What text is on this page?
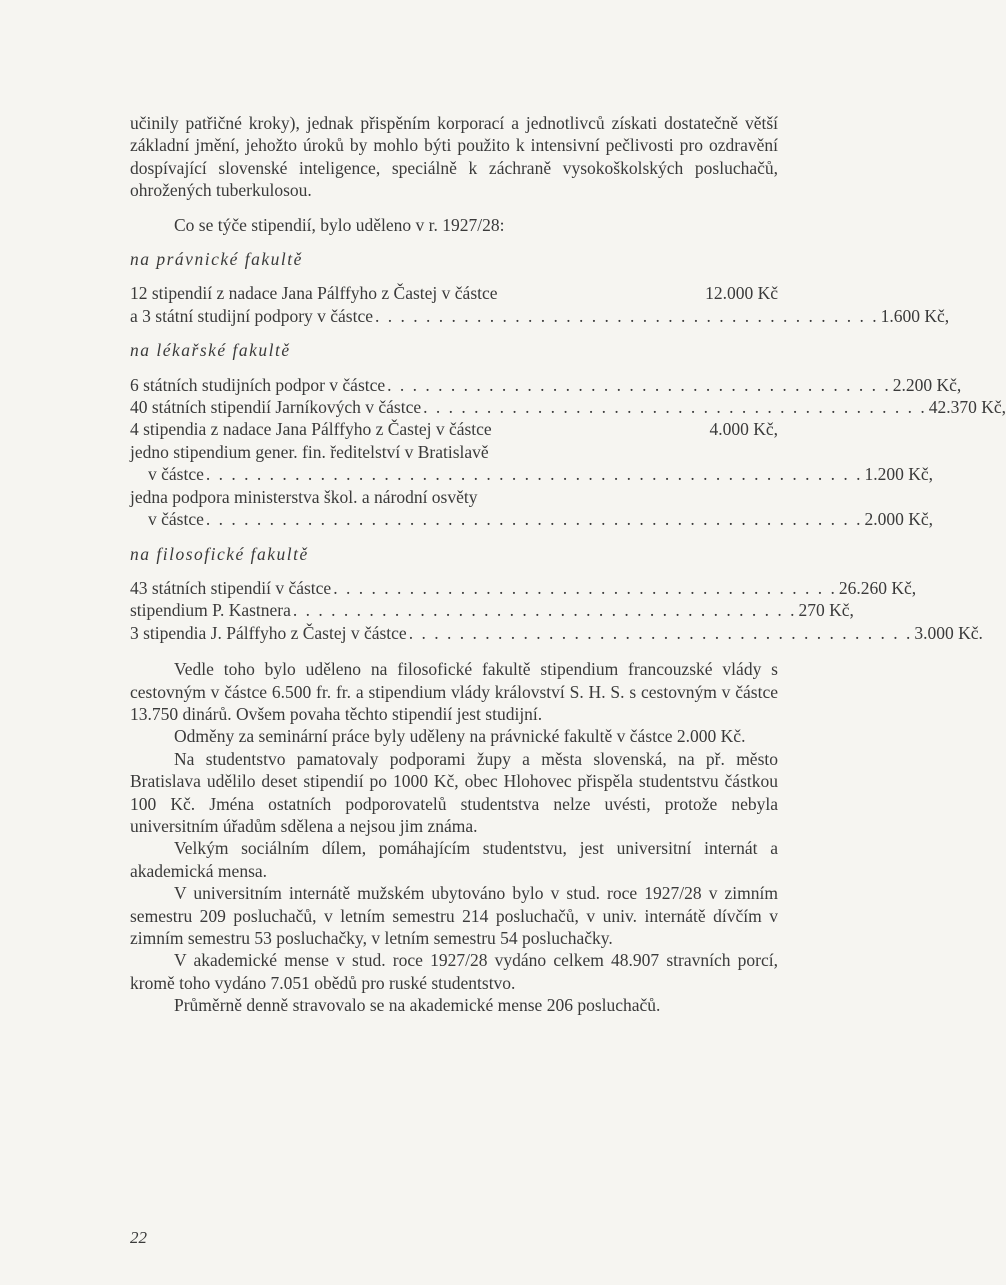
učinily patřičné kroky), jednak přispěním korporací a jednotlivců získati dostatečně větší základní jmění, jehožto úroků by mohlo býti použito k intensivní pečlivosti pro ozdravění dospívající slovenské inteligence, speciálně k záchraně vysokoškolských posluchačů, ohrožených tuberkulosou.

Co se týče stipendií, bylo uděleno v r. 1927/28:

na právnické fakultě

12 stipendií z nadace Jana Pálffyho z Častej v částce	12.000 Kč
a 3 státní studijní podpory v částce . . . . . . . . . . . . . . . . . . . . . . . . . . . . . . . . . . . . . . . . 1.600 Kč,

na lékařské fakultě

6 státních studijních podpor v částce . . . . . . . . . . . . . . . . . . . . . . . . . . . . . . . . . . . . . . . . 2.200 Kč,
40 státních stipendií Jarníkových v částce . . . . . . . . . . . . . . . . . . . . . . . . . . . . . . . . . . . . . . . . 42.370 Kč,
4 stipendia z nadace Jana Pálffyho z Častej v částce	4.000 Kč,

jedno stipendium gener. fin. ředitelství v Bratislavě

v částce . . . . . . . . . . . . . . . . . . . . . . . . . . . . . . . . . . . . . . . . . . . . . . . . . . . . 1.200 Kč,

jedna podpora ministerstva škol. a národní osvěty

v částce . . . . . . . . . . . . . . . . . . . . . . . . . . . . . . . . . . . . . . . . . . . . . . . . . . . . 2.000 Kč,

na filosofické fakultě

43 státních stipendií v částce . . . . . . . . . . . . . . . . . . . . . . . . . . . . . . . . . . . . . . . . 26.260 Kč,
stipendium P. Kastnera . . . . . . . . . . . . . . . . . . . . . . . . . . . . . . . . . . . . . . . . 270 Kč,
3 stipendia J. Pálffyho z Častej v částce . . . . . . . . . . . . . . . . . . . . . . . . . . . . . . . . . . . . . . . . 3.000 Kč.

Vedle toho bylo uděleno na filosofické fakultě stipendium francouzské vlády s cestovným v částce 6.500 fr. fr. a stipendium vlády království S. H. S. s cestovným v částce 13.750 dinárů. Ovšem povaha těchto stipendií jest studijní.

Odměny za seminární práce byly uděleny na právnické fakultě v částce 2.000 Kč.

Na studentstvo pamatovaly podporami župy a města slovenská, na př. město Bratislava udělilo deset stipendií po 1000 Kč, obec Hlohovec přispěla studentstvu částkou 100 Kč. Jména ostatních podporovatelů studentstva nelze uvésti, protože nebyla universitním úřadům sdělena a nejsou jim známa.

Velkým sociálním dílem, pomáhajícím studentstvu, jest universitní internát a akademická mensa.

V universitním internátě mužském ubytováno bylo v stud. roce 1927/28 v zimním semestru 209 posluchačů, v letním semestru 214 posluchačů, v univ. internátě dívčím v zimním semestru 53 posluchačky, v letním semestru 54 posluchačky.

V akademické mense v stud. roce 1927/28 vydáno celkem 48.907 stravních porcí, kromě toho vydáno 7.051 obědů pro ruské studentstvo.

Průměrně denně stravovalo se na akademické mense 206 posluchačů.

22
